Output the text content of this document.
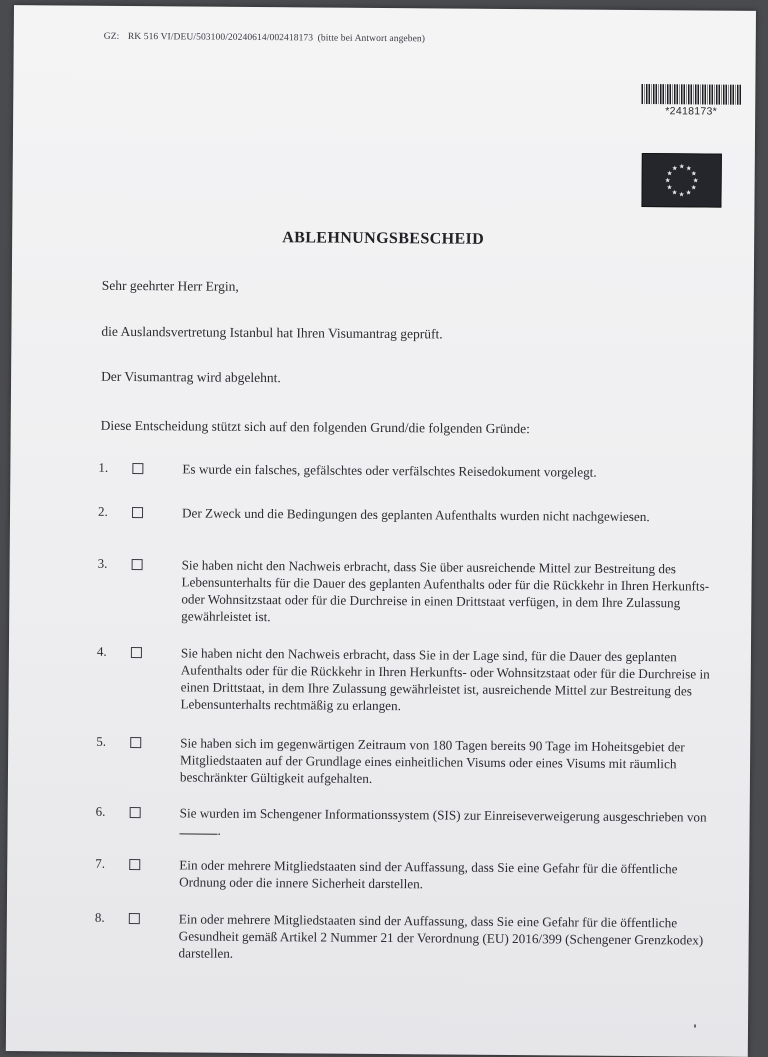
GZ: RK 516 VI/DEU/503100/20240614/002418173 (bitte bei Antwort angeben)
*2418173*
ABLEHNUNGSBESCHEID
Sehr geehrter Herr Ergin,
die Auslandsvertretung Istanbul hat Ihren Visumantrag geprüft.
Der Visumantrag wird abgelehnt.
Diese Entscheidung stützt sich auf den folgenden Grund/die folgenden Gründe:
1.	Es wurde ein falsches, gefälschtes oder verfälschtes Reisedokument vorgelegt.
2.	Der Zweck und die Bedingungen des geplanten Aufenthalts wurden nicht nachgewiesen.
3.	Sie haben nicht den Nachweis erbracht, dass Sie über ausreichende Mittel zur Bestreitung des Lebensunterhalts für die Dauer des geplanten Aufenthalts oder für die Rückkehr in Ihren Herkunfts- oder Wohnsitzstaat oder für die Durchreise in einen Drittstaat verfügen, in dem Ihre Zulassung gewährleistet ist.
4.	Sie haben nicht den Nachweis erbracht, dass Sie in der Lage sind, für die Dauer des geplanten Aufenthalts oder für die Rückkehr in Ihren Herkunfts- oder Wohnsitzstaat oder für die Durchreise in einen Drittstaat, in dem Ihre Zulassung gewährleistet ist, ausreichende Mittel zur Bestreitung des Lebensunterhalts rechtmäßig zu erlangen.
5.	Sie haben sich im gegenwärtigen Zeitraum von 180 Tagen bereits 90 Tage im Hoheitsgebiet der Mitgliedstaaten auf der Grundlage eines einheitlichen Visums oder eines Visums mit räumlich beschränkter Gültigkeit aufgehalten.
6.	Sie wurden im Schengener Informationssystem (SIS) zur Einreiseverweigerung ausgeschrieben von .
7.	Ein oder mehrere Mitgliedstaaten sind der Auffassung, dass Sie eine Gefahr für die öffentliche Ordnung oder die innere Sicherheit darstellen.
8.	Ein oder mehrere Mitgliedstaaten sind der Auffassung, dass Sie eine Gefahr für die öffentliche Gesundheit gemäß Artikel 2 Nummer 21 der Verordnung (EU) 2016/399 (Schengener Grenzkodex) darstellen.
